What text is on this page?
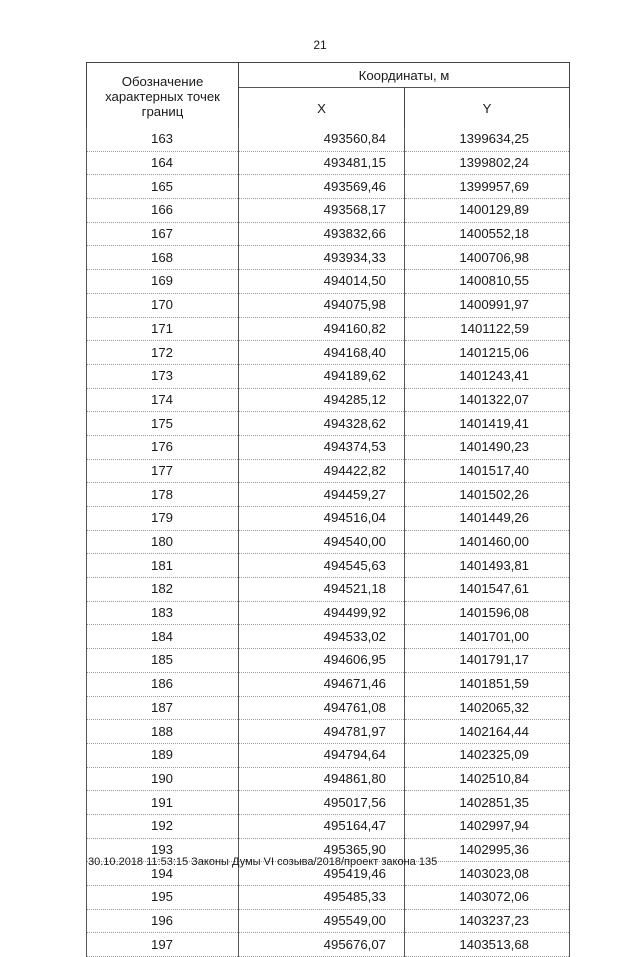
21
Обозначение характерных точек границ	Координаты, м	
	X	Y
163	493560,84	1399634,25
164	493481,15	1399802,24
165	493569,46	1399957,69
166	493568,17	1400129,89
167	493832,66	1400552,18
168	493934,33	1400706,98
169	494014,50	1400810,55
170	494075,98	1400991,97
171	494160,82	1401122,59
172	494168,40	1401215,06
173	494189,62	1401243,41
174	494285,12	1401322,07
175	494328,62	1401419,41
176	494374,53	1401490,23
177	494422,82	1401517,40
178	494459,27	1401502,26
179	494516,04	1401449,26
180	494540,00	1401460,00
181	494545,63	1401493,81
182	494521,18	1401547,61
183	494499,92	1401596,08
184	494533,02	1401701,00
185	494606,95	1401791,17
186	494671,46	1401851,59
187	494761,08	1402065,32
188	494781,97	1402164,44
189	494794,64	1402325,09
190	494861,80	1402510,84
191	495017,56	1402851,35
192	495164,47	1402997,94
193	495365,90	1402995,36
194	495419,46	1403023,08
195	495485,33	1403072,06
196	495549,00	1403237,23
197	495676,07	1403513,68
30.10.2018 11:53:15 Законы Думы VI созыва/2018/проект закона 135
